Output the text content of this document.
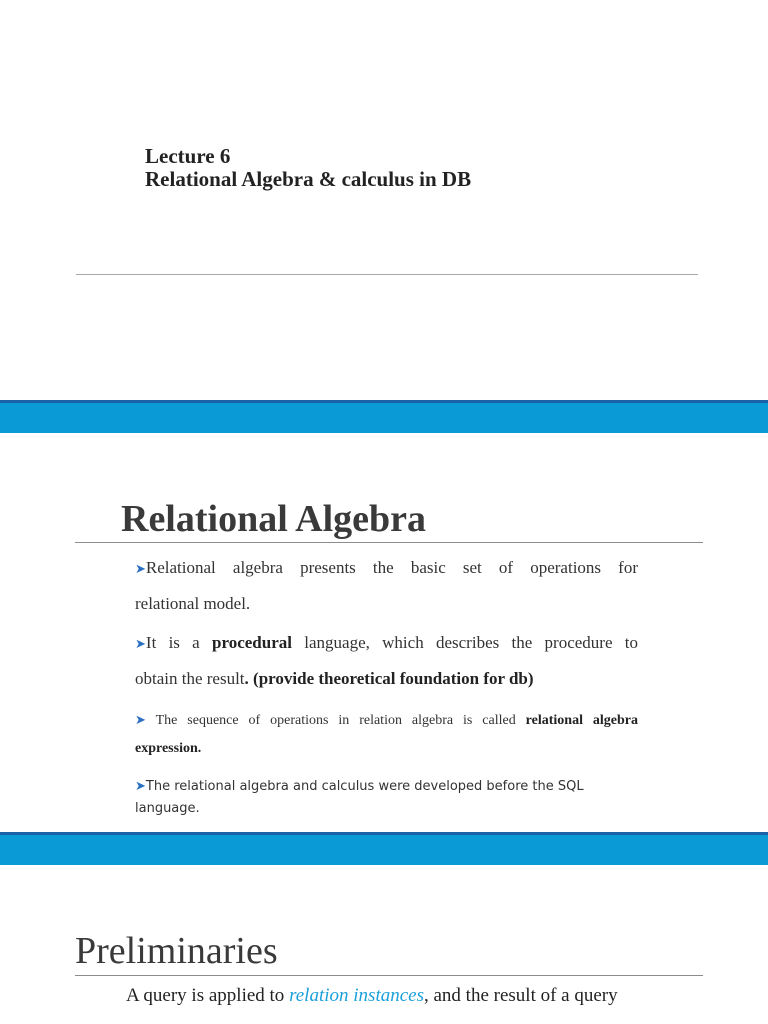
Lecture 6
Relational Algebra & calculus in DB
Relational Algebra
➤Relational algebra presents the basic set of operations for
relational model.
➤It is a procedural language, which describes the procedure to
obtain the result. (provide theoretical foundation for db)
➤ The sequence of operations in relation algebra is called relational algebra
expression.
➤The relational algebra and calculus were developed before the SQL language.
Preliminaries
A query is applied to relation instances, and the result of a query
